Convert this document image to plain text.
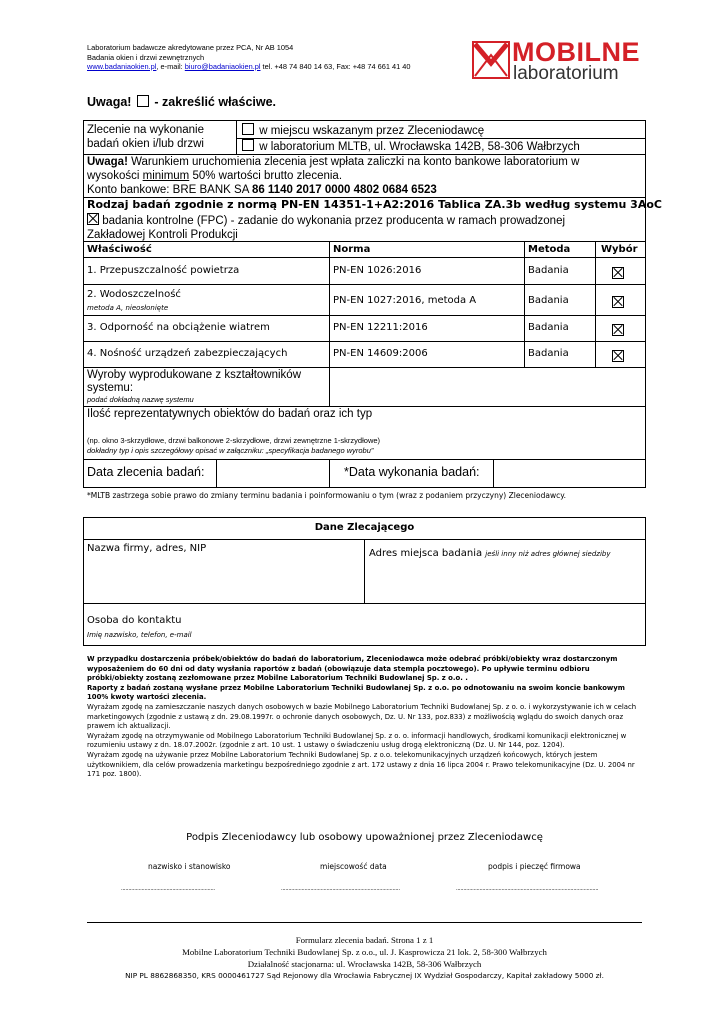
Laboratorium badawcze akredytowane przez PCA, Nr AB 1054
Badania okien i drzwi zewnętrznych
www.badaniaokien.pl, e-mail: biuro@badaniaokien.pl tel. +48 74 840 14 63, Fax: +48 74 661 41 40	MOBILNE
laboratorium
Uwaga! - zakreślić właściwe.
Zlecenie na wykonanie
badań okien i/lub drzwi
w miejscu wskazanym przez Zleceniodawcę
w laboratorium MLTB, ul. Wrocławska 142B, 58-306 Wałbrzych
Uwaga! Warunkiem uruchomienia zlecenia jest wpłata zaliczki na konto bankowe laboratorium w
wysokości minimum 50% wartości brutto zlecenia.
Konto bankowe: BRE BANK SA 86 1140 2017 0000 4802 0684 6523
Rodzaj badań zgodnie z normą PN-EN 14351-1+A2:2016 Tablica ZA.3b według systemu 3AoC
badania kontrolne (FPC) - zadanie do wykonania przez producenta w ramach prowadzonej
Zakładowej Kontroli Produkcji
Właściwość	Norma	Metoda	Wybór
1. Przepuszczalność powietrza	PN-EN 1026:2016	Badania
2. Wodoszczelność
metoda A, nieosłonięte
PN-EN 1027:2016, metoda A	Badania
3. Odporność na obciążenie wiatrem	PN-EN 12211:2016	Badania
4. Nośność urządzeń zabezpieczających	PN-EN 14609:2006	Badania
Wyroby wyprodukowane z kształtowników
systemu:
podać dokładną nazwę systemu
Ilość reprezentatywnych obiektów do badań oraz ich typ
(np. okno 3-skrzydłowe, drzwi balkonowe 2-skrzydłowe, drzwi zewnętrzne 1-skrzydłowe)
dokładny typ i opis szczegółowy opisać w załączniku: „specyfikacja badanego wyrobu”
Data zlecenia badań:	*Data wykonania badań:
*MLTB zastrzega sobie prawo do zmiany terminu badania i poinformowaniu o tym (wraz z podaniem przyczyny) Zleceniodawcy.
Dane Zlecającego
Nazwa firmy, adres, NIP	Adres miejsca badania jeśli inny niż adres głównej siedziby
Osoba do kontaktu
Imię nazwisko, telefon, e-mail

W przypadku dostarczenia próbek/obiektów do badań do laboratorium, Zleceniodawca może odebrać próbki/obiekty wraz dostarczonym wyposażeniem do 60 dni od daty wysłania raportów z badań (obowiązuje data stempla pocztowego). Po upływie terminu odbioru próbki/obiekty zostaną zezłomowane przez Mobilne Laboratorium Techniki Budowlanej Sp. z o.o. .

Raporty z badań zostaną wysłane przez Mobilne Laboratorium Techniki Budowlanej Sp. z o.o. po odnotowaniu na swoim koncie bankowym 100% kwoty wartości zlecenia.

Wyrażam zgodę na zamieszczanie naszych danych osobowych w bazie Mobilnego Laboratorium Techniki Budowlanej Sp. z o. o. i wykorzystywanie ich w celach marketingowych (zgodnie z ustawą z dn. 29.08.1997r. o ochronie danych osobowych, Dz. U. Nr 133, poz.833) z możliwością wglądu do swoich danych oraz prawem ich aktualizacji.

Wyrażam zgodę na otrzymywanie od Mobilnego Laboratorium Techniki Budowlanej Sp. z o. o. informacji handlowych, środkami komunikacji elektronicznej w rozumieniu ustawy z dn. 18.07.2002r. (zgodnie z art. 10 ust. 1 ustawy o świadczeniu usług drogą elektroniczną (Dz. U. Nr 144, poz. 1204).

Wyrażam zgodę na używanie przez Mobilne Laboratorium Techniki Budowlanej Sp. z o.o. telekomunikacyjnych urządzeń końcowych, których jestem użytkownikiem, dla celów prowadzenia marketingu bezpośredniego zgodnie z art. 172 ustawy z dnia 16 lipca 2004 r. Prawo telekomunikacyjne (Dz. U. 2004 nr 171 poz. 1800).

Podpis Zleceniodawcy lub osobowy upoważnionej przez Zleceniodawcę
nazwisko i stanowisko	miejscowość data	podpis i pieczęć firmowa
................................................................	.................................................................................	.................................................................................................
Formularz zlecenia badań. Strona 1 z 1
Mobilne Laboratorium Techniki Budowlanej Sp. z o.o., ul. J. Kasprowicza 21 lok. 2, 58-300 Wałbrzych
Działalność stacjonarna: ul. Wrocławska 142B, 58-306 Wałbrzych
NIP PL 8862868350, KRS 0000461727 Sąd Rejonowy dla Wrocławia Fabrycznej IX Wydział Gospodarczy, Kapitał zakładowy 5000 zł.
